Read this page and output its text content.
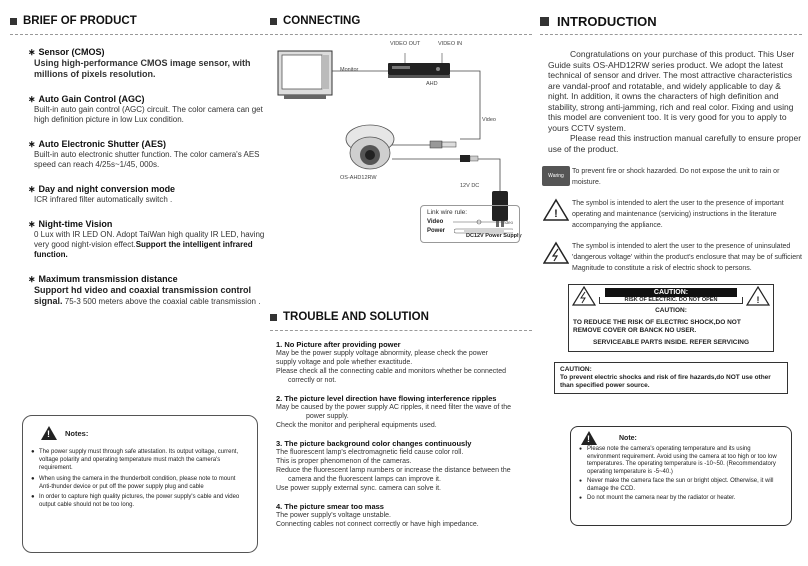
BRIEF OF PRODUCT
∗ Sensor (CMOS)
Using high-performance CMOS image sensor, with millions of pixels resolution.
∗ Auto Gain Control (AGC)
Built-in auto gain control (AGC) circuit. The color camera can get high definition picture in low Lux condition.
∗ Auto Electronic Shutter (AES)
Built-in auto electronic shutter function. The color camera's AES speed can reach 4/25s~1/45, 000s.
∗ Day and night conversion mode
ICR infrared filter automatically switch .
∗ Night-time Vision
0 Lux with IR LED ON. Adopt TaiWan high quality IR LED, having very good night-vision effect.Support the intelligent infrared function.
∗ Maximum transmission distance
Support hd video and coaxial transmission control signal. 75-3 500 meters above the coaxial cable transmission .
!
Notes:
● The power supply must through safe attestation. Its output voltage, current, voltage polarity and operating temperature must match the camera's requirement.
● When using the camera in the thunderbolt condition, please note to mount Anti-thunder device or put off the power supply plug and cable
● In order to capture high quality pictures, the power supply's cable and video output cable should not be too long.
CONNECTING
VIDEO OUT	VIDEO IN
Monitor
AHD
Video
OS-AHD12RW
12V DC
DC12V Power Supply
Link wire rule:
Video	Video
Power
TROUBLE AND SOLUTION
1. No Picture after providing power
May be the power supply voltage abnormity, please check the power
supply voltage and pole whether exactitude.
Please check all the connecting cable and monitors whether be connected
correctly or not.
2. The picture level direction have flowing interference ripples
May be caused by the power supply AC ripples, it need filter the wave of the
power supply.
Check the monitor and peripheral equipments used.
3. The picture background color changes continuously
The fluorescent lamp's electromagnetic field cause color roll.
This is proper phenomenon of the cameras.
Reduce the fluorescent lamp numbers or increase the distance between the
camera and the fluorescent lamps can improve it.
Use power supply external sync. camera can solve it.
4. The picture smear too mass
The power supply's voltage unstable.
Connecting cables not connect correctly or have high impedance.
INTRODUCTION
Congratulations on your purchase of this product. This User Guide suits OS-AHD12RW series product. We adopt the latest technical of sensor and driver. The most attractive characteristics are vandal-proof and rotatable, and widely applicable to day & night. In addition, it owns the characters of high definition and stability, strong anti-jamming, rich and real color. Fixing and using this model are convenient too. It is very good for you to apply to yours CCTV system.
Please read this instruction manual carefully to ensure proper use of the product.
Waring
To prevent fire or shock hazarded. Do not expose the unit to rain or moisture.
!
The symbol is intended to alert the user to the presence of important operating and maintenance (servicing) instructions in the literature accompanying the appliance.
The symbol is intended to alert the user to the presence of uninsulated 'dangerous voltage' within the product's enclosure that may be of sufficient Magnitude to constitute a risk of electric shock to persons.
CAUTION:
RISK OF ELECTRIC. DO NOT OPEN	!
CAUTION:
TO REDUCE THE RISK OF ELECTRIC SHOCK,DO NOT REMOVE COVER OR BANCK NO USER.
SERVICEABLE PARTS INSIDE. REFER SERVICING
CAUTION:
To prevent electric shocks and risk of fire hazards,do NOT use other than specified power source.
!
Note:
● Please note the camera's operating temperature and its using environment requirement. Avoid using the camera at too high or too low temperatures. The operating temperature is -10~50. (Recommendatory operating temperature is -5~40.)
● Never make the camera face the sun or bright object. Otherwise, it will damage the CCD.
● Do not mount the camera near by the radiator or heater.
